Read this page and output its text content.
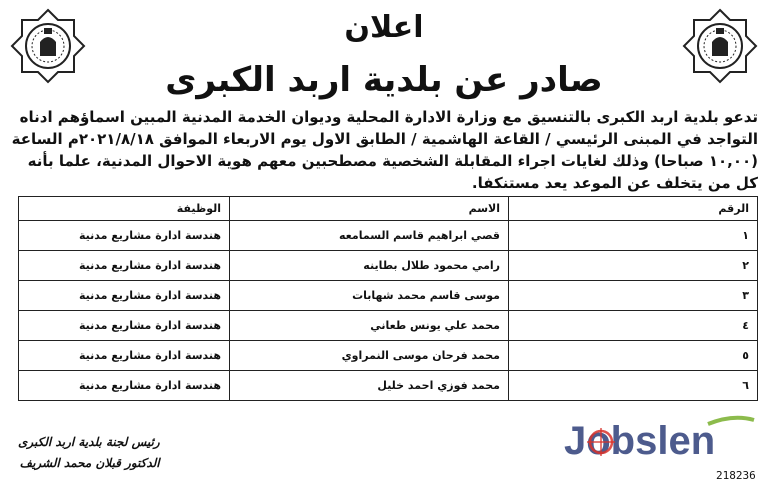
اعلان
صادر عن بلدية اربد الكبرى
تدعو بلدية اربد الكبرى بالتنسيق مع وزارة الادارة المحلية وديوان الخدمة المدنية المبين اسماؤهم ادناه التواجد في المبنى الرئيسي / القاعة الهاشمية / الطابق الاول يوم الاربعاء الموافق ٢٠٢١/٨/١٨م الساعة (١٠,٠٠ صباحا) وذلك لغايات اجراء المقابلة الشخصية مصطحبين معهم هوية الاحوال المدنية، علما بأنه كل من يتخلف عن الموعد يعد مستنكفا.
الرقم	الاسم	الوظيفة
١	قصي ابراهيم قاسم السمامعه	هندسة ادارة مشاريع مدنية
٢	رامي محمود طلال بطاينه	هندسة ادارة مشاريع مدنية
٣	موسى قاسم محمد شهابات	هندسة ادارة مشاريع مدنية
٤	محمد علي يونس طعاني	هندسة ادارة مشاريع مدنية
٥	محمد فرحان موسى النمراوي	هندسة ادارة مشاريع مدنية
٦	محمد فوزي احمد خليل	هندسة ادارة مشاريع مدنية
رئيس لجنة بلدية اربد الكبرى
الدكتور قبلان محمد الشريف	Jobslen
218236
